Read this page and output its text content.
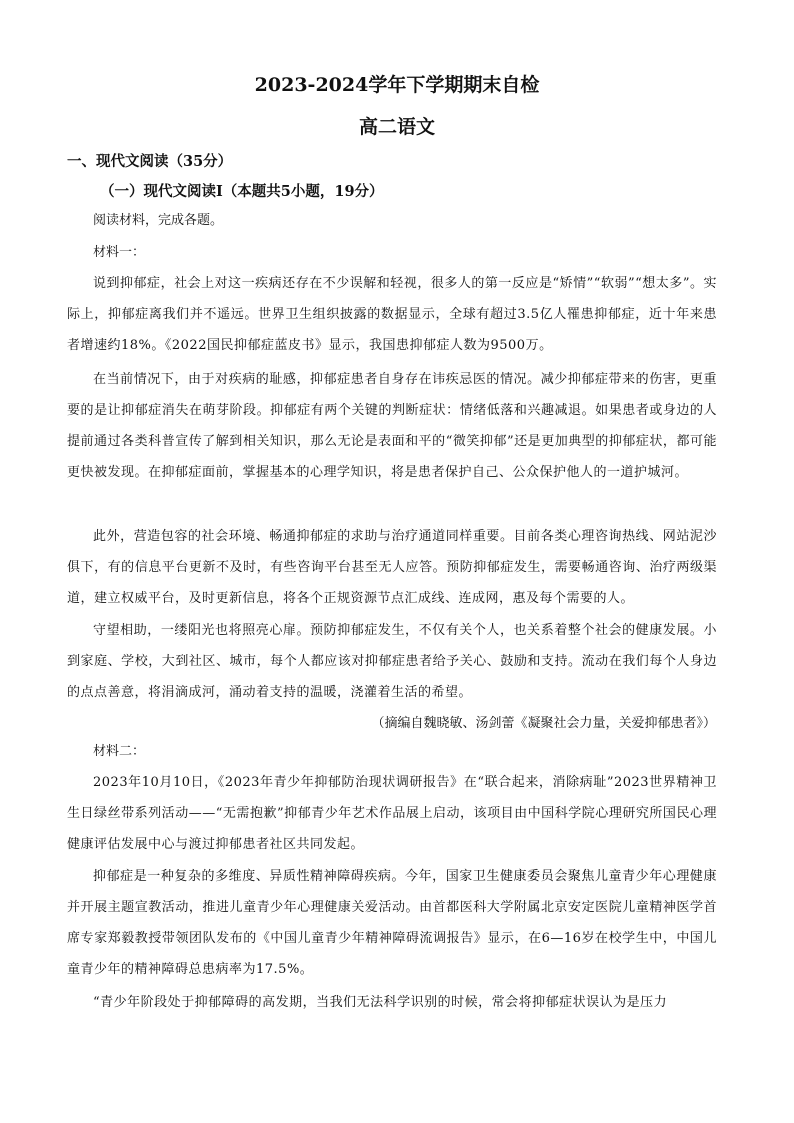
2023-2024学年下学期期末自检
高二语文

一、现代文阅读（35分）

（一）现代文阅读Ⅰ（本题共5小题，19分）

阅读材料，完成各题。

材料一：

说到抑郁症，社会上对这一疾病还存在不少误解和轻视，很多人的第一反应是“矫情”“软弱”“想太多”。实际上，抑郁症离我们并不遥远。世界卫生组织披露的数据显示，全球有超过3.5亿人罹患抑郁症，近十年来患者增速约18%。《2022国民抑郁症蓝皮书》显示，我国患抑郁症人数为9500万。

在当前情况下，由于对疾病的耻感，抑郁症患者自身存在讳疾忌医的情况。减少抑郁症带来的伤害，更重要的是让抑郁症消失在萌芽阶段。抑郁症有两个关键的判断症状：情绪低落和兴趣减退。如果患者或身边的人提前通过各类科普宣传了解到相关知识，那么无论是表面和平的“微笑抑郁”还是更加典型的抑郁症状，都可能更快被发现。在抑郁症面前，掌握基本的心理学知识，将是患者保护自己、公众保护他人的一道护城河。

此外，营造包容的社会环境、畅通抑郁症的求助与治疗通道同样重要。目前各类心理咨询热线、网站泥沙俱下，有的信息平台更新不及时，有些咨询平台甚至无人应答。预防抑郁症发生，需要畅通咨询、治疗两级渠道，建立权威平台，及时更新信息，将各个正规资源节点汇成线、连成网，惠及每个需要的人。

守望相助，一缕阳光也将照亮心扉。预防抑郁症发生，不仅有关个人，也关系着整个社会的健康发展。小到家庭、学校，大到社区、城市，每个人都应该对抑郁症患者给予关心、鼓励和支持。流动在我们每个人身边的点点善意，将涓滴成河，涌动着支持的温暖，浇灌着生活的希望。

（摘编自魏晓敏、汤剑蕾《凝聚社会力量，关爱抑郁患者》）

材料二：

2023年10月10日，《2023年青少年抑郁防治现状调研报告》在“联合起来，消除病耻”2023世界精神卫生日绿丝带系列活动——“无需抱歉”抑郁青少年艺术作品展上启动，该项目由中国科学院心理研究所国民心理健康评估发展中心与渡过抑郁患者社区共同发起。

抑郁症是一种复杂的多维度、异质性精神障碍疾病。今年，国家卫生健康委员会聚焦儿童青少年心理健康并开展主题宣教活动，推进儿童青少年心理健康关爱活动。由首都医科大学附属北京安定医院儿童精神医学首席专家郑毅教授带领团队发布的《中国儿童青少年精神障碍流调报告》显示，在6—16岁在校学生中，中国儿童青少年的精神障碍总患病率为17.5%。

“青少年阶段处于抑郁障碍的高发期，当我们无法科学识别的时候，常会将抑郁症状误认为是压力
